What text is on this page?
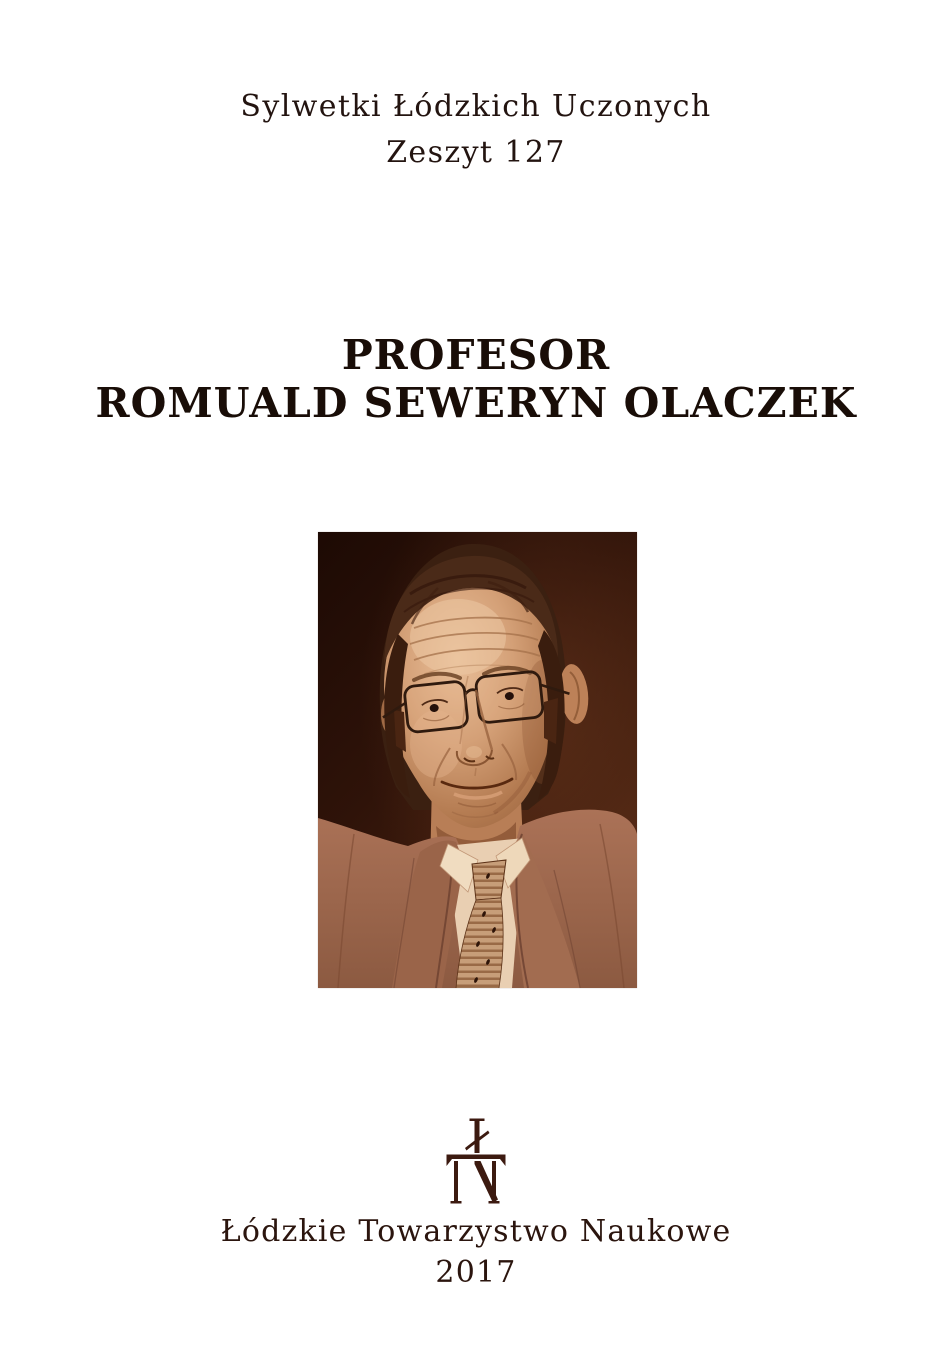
Sylwetki Łódzkich Uczonych
Zeszyt 127
PROFESOR
ROMUALD SEWERYN OLACZEK
Łódzkie Towarzystwo Naukowe
2017
